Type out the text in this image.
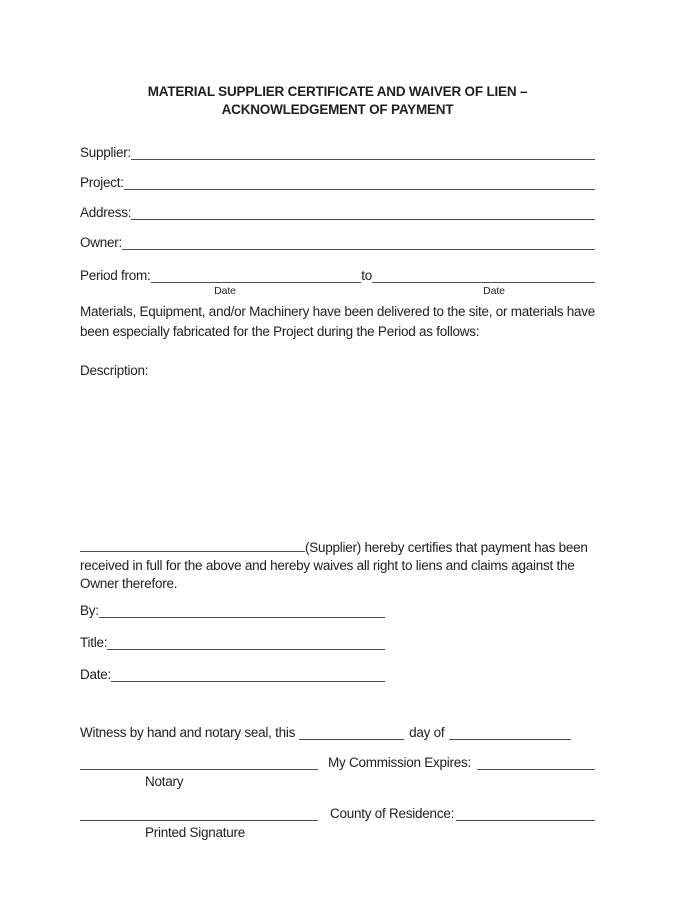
MATERIAL SUPPLIER CERTIFICATE AND WAIVER OF LIEN –
ACKNOWLEDGEMENT OF PAYMENT
Supplier:
Project:
Address:
Owner:
Period from:	to
Date	Date
Materials, Equipment, and/or Machinery have been delivered to the site, or materials have
been especially fabricated for the Project during the Period as follows:
Description:
(Supplier) hereby certifies that payment has been
received in full for the above and hereby waives all right to liens and claims against the
Owner therefore.
By:
Title:
Date:
Witness by hand and notary seal, this	day of
My Commission Expires:
Notary
County of Residence:
Printed Signature
